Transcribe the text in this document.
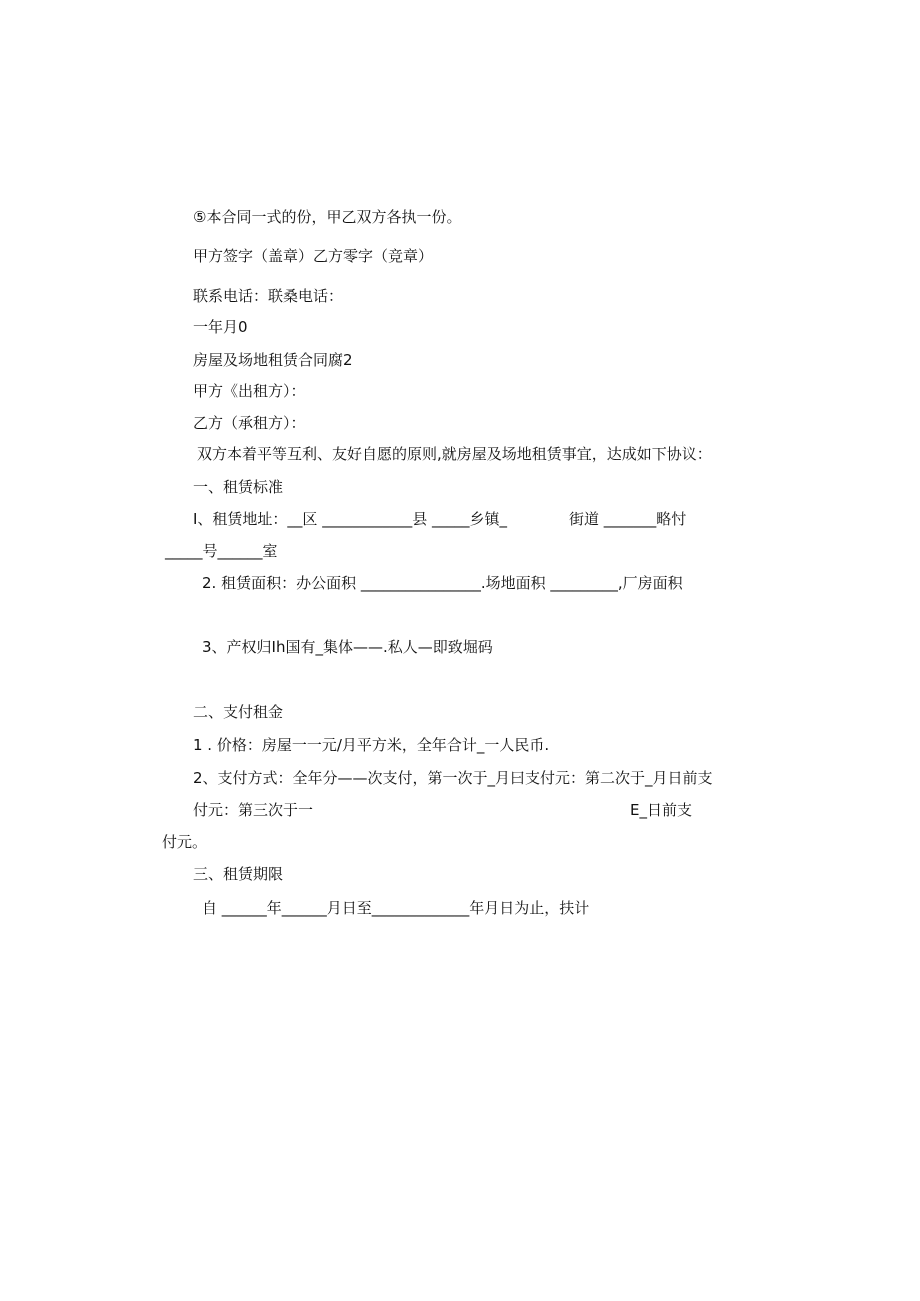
⑤本合同一式的份，甲乙双方各执一份。
甲方签字（盖章）乙方零字（竞章）
联系电话：联桑电话：
一年月0
房屋及场地租赁合同腐2
甲方《出租方）：
乙方（承租方）：
双方本着平等互利、友好自愿的原则,就房屋及场地租赁事宜，达成如下协议：
一、租赁标准
I、租赁地址：__区 ____________县 _____乡镇_	街道 _______略忖
_____号______室
2. 租赁面积：办公面积 ________________.场地面积 _________,厂房面积
3、产权归Ih国有_集体——.私人—即致堀码
二、支付租金
1 . 价格：房屋一一元/月平方米，全年合计_一人民币.
2、支付方式：全年分——次支付，第一次于_月曰支付元：第二次于_月日前支
付元：第三次于一	E_日前支
付元。
三、租赁期限
自 ______年______月日至_____________年月日为止，扶计
